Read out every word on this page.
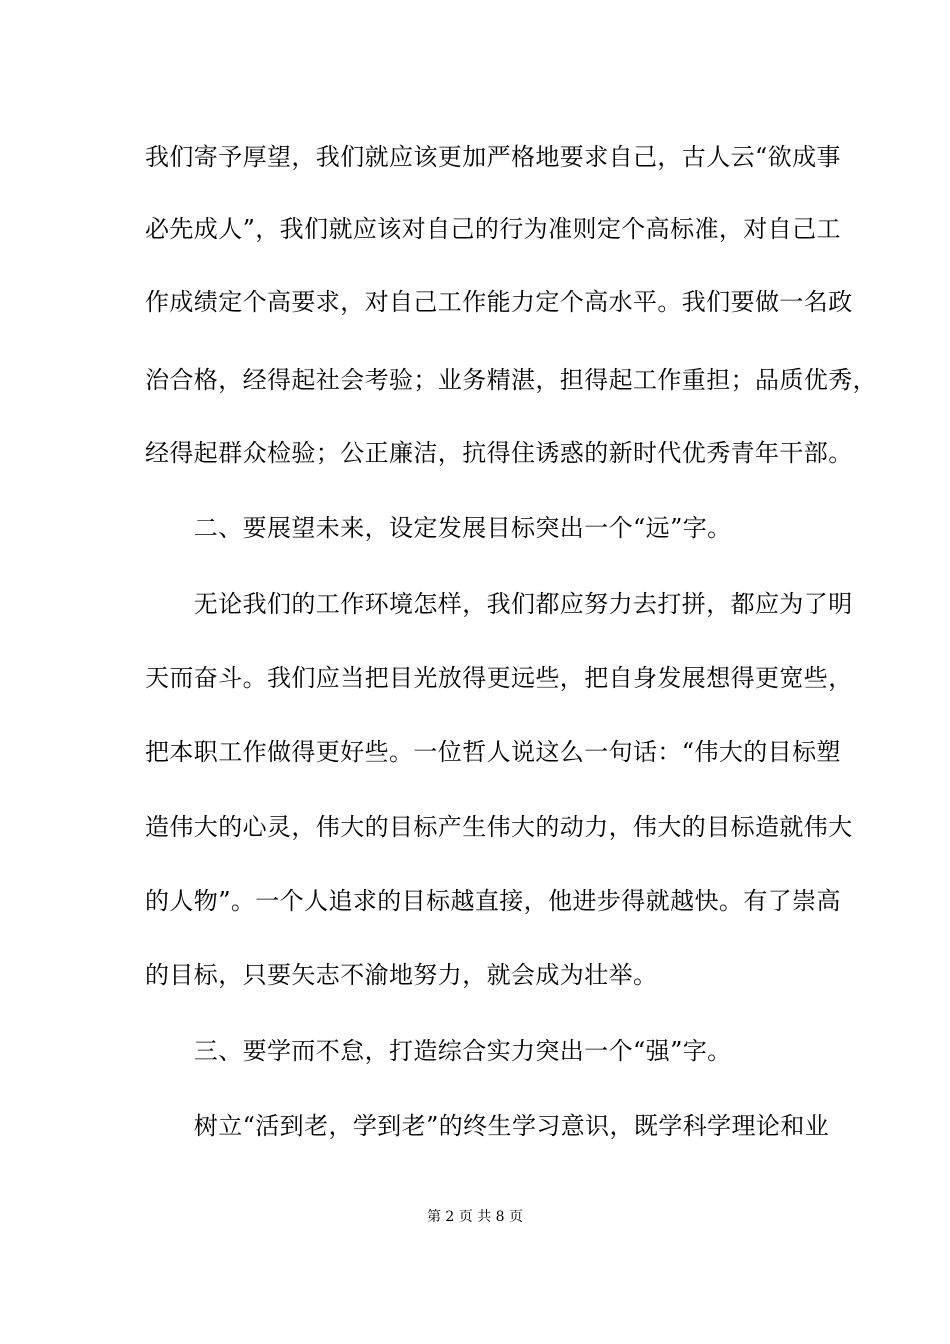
我们寄予厚望，我们就应该更加严格地要求自己，古人云“欲成事
必先成人”，我们就应该对自己的行为准则定个高标准，对自己工
作成绩定个高要求，对自己工作能力定个高水平。我们要做一名政
治合格，经得起社会考验；业务精湛，担得起工作重担；品质优秀，
经得起群众检验；公正廉洁，抗得住诱惑的新时代优秀青年干部。
　　二、要展望未来，设定发展目标突出一个“远”字。
　　无论我们的工作环境怎样，我们都应努力去打拼，都应为了明
天而奋斗。我们应当把目光放得更远些，把自身发展想得更宽些，
把本职工作做得更好些。一位哲人说这么一句话：“伟大的目标塑
造伟大的心灵，伟大的目标产生伟大的动力，伟大的目标造就伟大
的人物”。一个人追求的目标越直接，他进步得就越快。有了崇高
的目标，只要矢志不渝地努力，就会成为壮举。
　　三、要学而不怠，打造综合实力突出一个“强”字。
　　树立“活到老，学到老”的终生学习意识，既学科学理论和业
第 2 页 共 8 页
